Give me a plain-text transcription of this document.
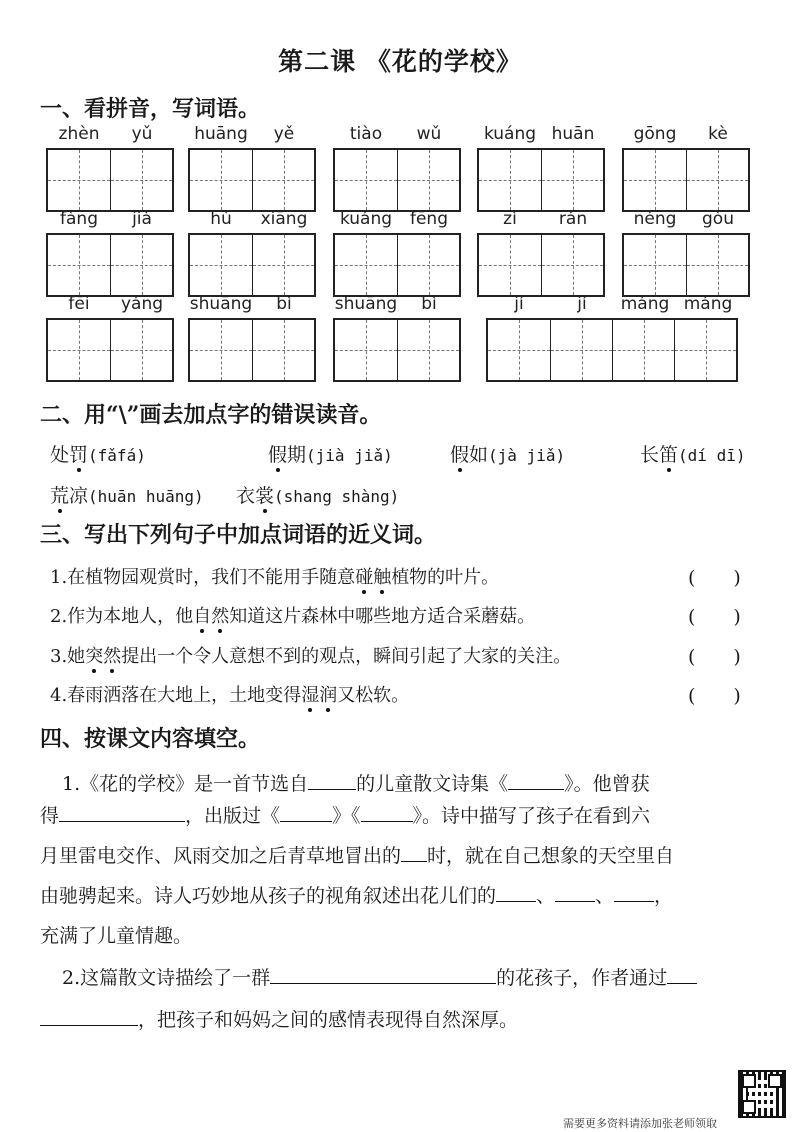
第二课 《花的学校》
一、看拼音，写词语。
zhèn	yǔ	huāng	yě	tiào	wǔ	kuáng huān	gōng	kè
fàng	jià	hù	xiāng	kuáng	fēng	zì	rán	néng	gòu
fēi	yáng	shuāng	bì	shuāng	bì	jí	jí	máng máng
二、用“\”画去加点字的错误读音。
处罚(fǎfá)	假期(jià jiǎ)	假如(jà jiǎ)	长笛(dí dī)
荒凉(huān huāng) 衣裳(shang shàng)
三、写出下列句子中加点词语的近义词。
1.在植物园观赏时，我们不能用手随意碰触植物的叶片。	(　　)
2.作为本地人，他自然知道这片森林中哪些地方适合采蘑菇。	(　　)
3.她突然提出一个令人意想不到的观点，瞬间引起了大家的关注。	(　　)
4.春雨洒落在大地上，土地变得湿润又松软。	(　　)
四、按课文内容填空。
1.《花的学校》是一首节选自	的儿童散文诗集《	》。他曾获
得	，出版过《	》《	》。诗中描写了孩子在看到六
月里雷电交作、风雨交加之后青草地冒出的 时，就在自己想象的天空里自
由驰骋起来。诗人巧妙地从孩子的视角叙述出花儿们的 、 、 ，
充满了儿童情趣。
2.这篇散文诗描绘了一群	的花孩子，作者通过
，把孩子和妈妈之间的感情表现得自然深厚。
需要更多资料请添加张老师领取
